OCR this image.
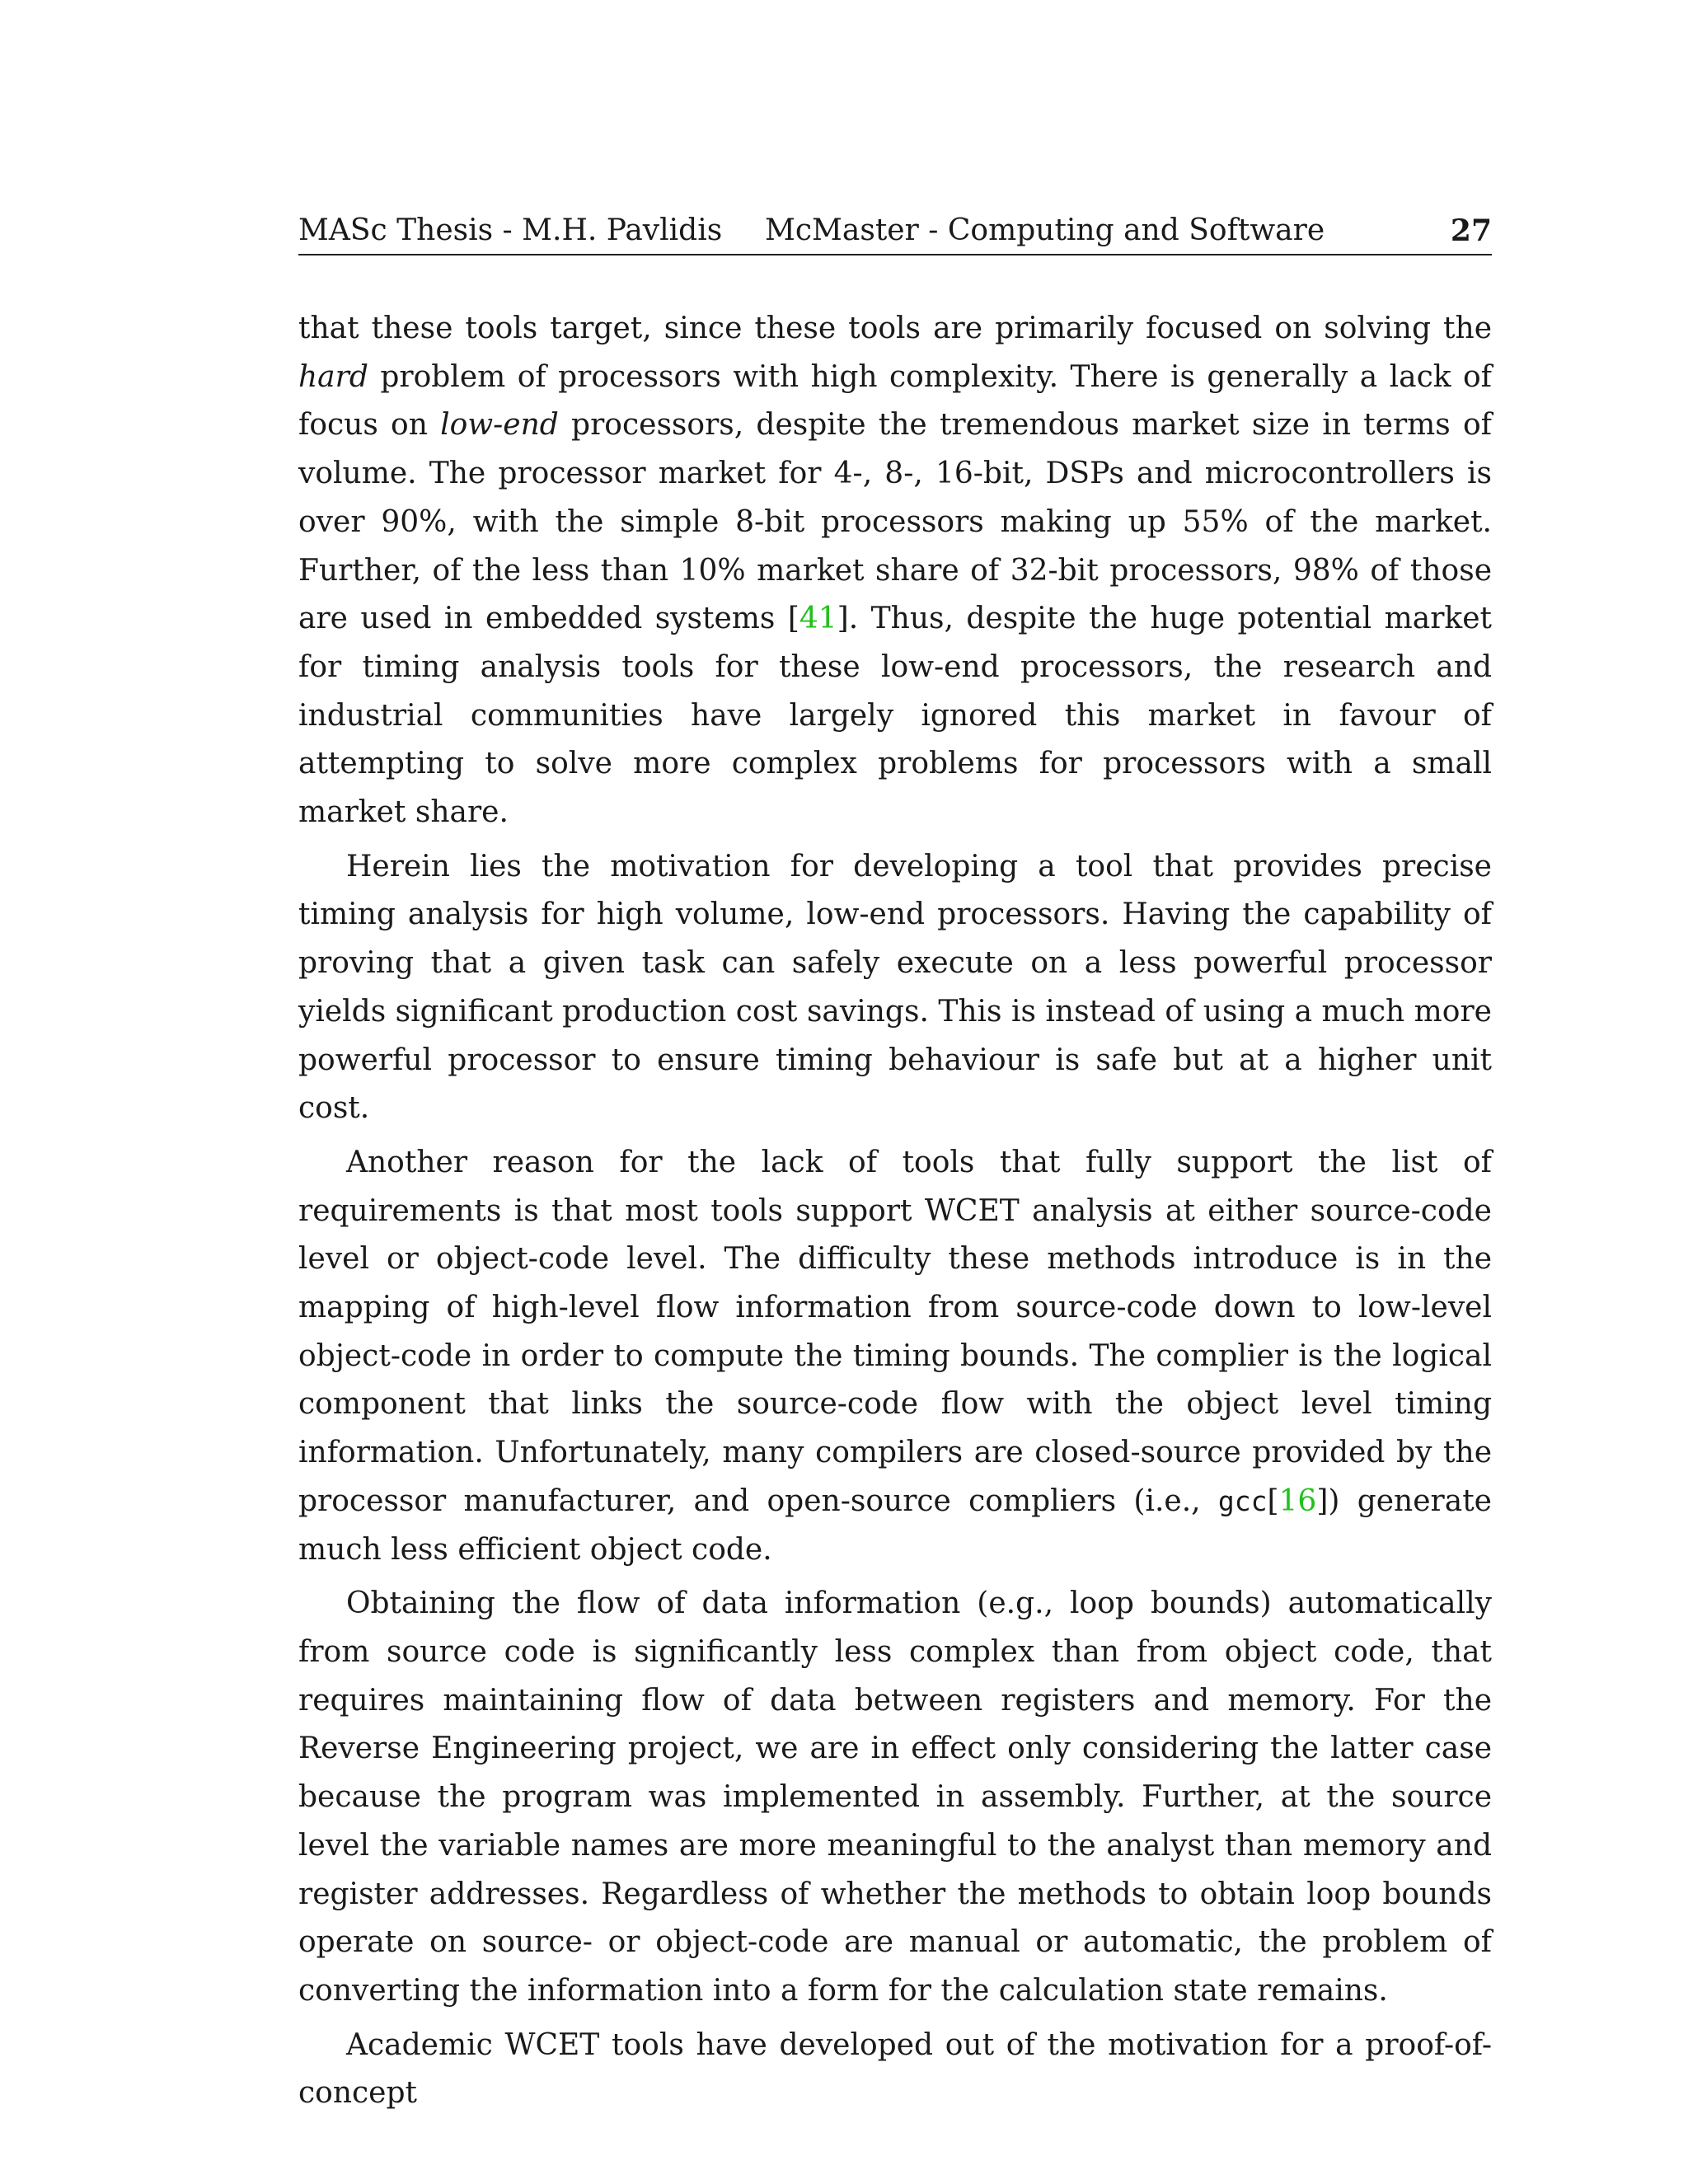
MASc Thesis - M.H. Pavlidis McMaster - Computing and Software	27

that these tools target, since these tools are primarily focused on solving the hard problem of processors with high complexity. There is generally a lack of focus on low-end processors, despite the tremendous market size in terms of volume. The processor market for 4-, 8-, 16-bit, DSPs and microcontrollers is over 90%, with the simple 8-bit processors making up 55% of the market. Further, of the less than 10% market share of 32-bit processors, 98% of those are used in embedded systems [41]. Thus, despite the huge potential market for timing analysis tools for these low-end processors, the research and industrial communities have largely ignored this market in favour of attempting to solve more complex problems for processors with a small market share.

Herein lies the motivation for developing a tool that provides precise timing analysis for high volume, low-end processors. Having the capability of proving that a given task can safely execute on a less powerful processor yields significant production cost savings. This is instead of using a much more powerful processor to ensure timing behaviour is safe but at a higher unit cost.

Another reason for the lack of tools that fully support the list of requirements is that most tools support WCET analysis at either source-code level or object-code level. The difficulty these methods introduce is in the mapping of high-level flow information from source-code down to low-level object-code in order to compute the timing bounds. The complier is the logical component that links the source-code flow with the object level timing information. Unfortunately, many compilers are closed-source provided by the processor manufacturer, and open-source compliers (i.e., gcc[16]) generate much less efficient object code.

Obtaining the flow of data information (e.g., loop bounds) automatically from source code is significantly less complex than from object code, that requires maintaining flow of data between registers and memory. For the Reverse Engineering project, we are in effect only considering the latter case because the program was implemented in assembly. Further, at the source level the variable names are more meaningful to the analyst than memory and register addresses. Regardless of whether the methods to obtain loop bounds operate on source- or object-code are manual or automatic, the problem of converting the information into a form for the calculation state remains.

Academic WCET tools have developed out of the motivation for a proof-of-concept
